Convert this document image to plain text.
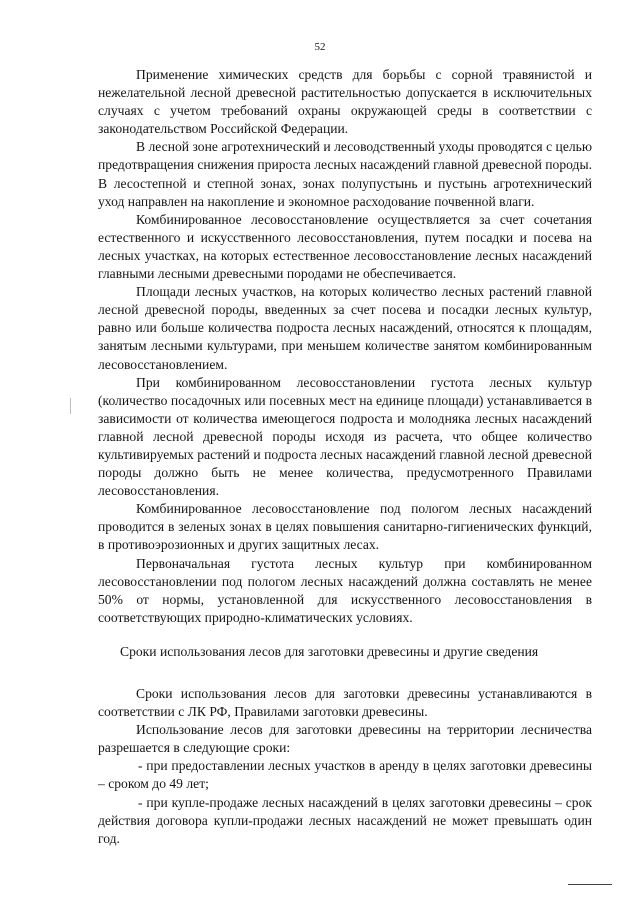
52

Применение химических средств для борьбы с сорной травянистой и нежелательной лесной древесной растительностью допускается в исключительных случаях с учетом требований охраны окружающей среды в соответствии с законодательством Российской Федерации.

В лесной зоне агротехнический и лесоводственный уходы проводятся с целью предотвращения снижения прироста лесных насаждений главной древесной породы. В лесостепной и степной зонах, зонах полупустынь и пустынь агротехнический уход направлен на накопление и экономное расходование почвенной влаги.

Комбинированное лесовосстановление осуществляется за счет сочетания естественного и искусственного лесовосстановления, путем посадки и посева на лесных участках, на которых естественное лесовосстановление лесных насаждений главными лесными древесными породами не обеспечивается.

Площади лесных участков, на которых количество лесных растений главной лесной древесной породы, введенных за счет посева и посадки лесных культур, равно или больше количества подроста лесных насаждений, относятся к площадям, занятым лесными культурами, при меньшем количестве занятом комбинированным лесовосстановлением.

При комбинированном лесовосстановлении густота лесных культур (количество посадочных или посевных мест на единице площади) устанавливается в зависимости от количества имеющегося подроста и молодняка лесных насаждений главной лесной древесной породы исходя из расчета, что общее количество культивируемых растений и подроста лесных насаждений главной лесной древесной породы должно быть не менее количества, предусмотренного Правилами лесовосстановления.

Комбинированное лесовосстановление под пологом лесных насаждений проводится в зеленых зонах в целях повышения санитарно-гигиенических функций, в противоэрозионных и других защитных лесах.

Первоначальная густота лесных культур при комбинированном лесовосстановлении под пологом лесных насаждений должна составлять не менее 50% от нормы, установленной для искусственного лесовосстановления в соответствующих природно-климатических условиях.

Сроки использования лесов для заготовки древесины и другие сведения

Сроки использования лесов для заготовки древесины устанавливаются в соответствии с ЛК РФ, Правилами заготовки древесины.

Использование лесов для заготовки древесины на территории лесничества разрешается в следующие сроки:

- при предоставлении лесных участков в аренду в целях заготовки древесины – сроком до 49 лет;

- при купле-продаже лесных насаждений в целях заготовки древесины – срок действия договора купли-продажи лесных насаждений не может превышать один год.
